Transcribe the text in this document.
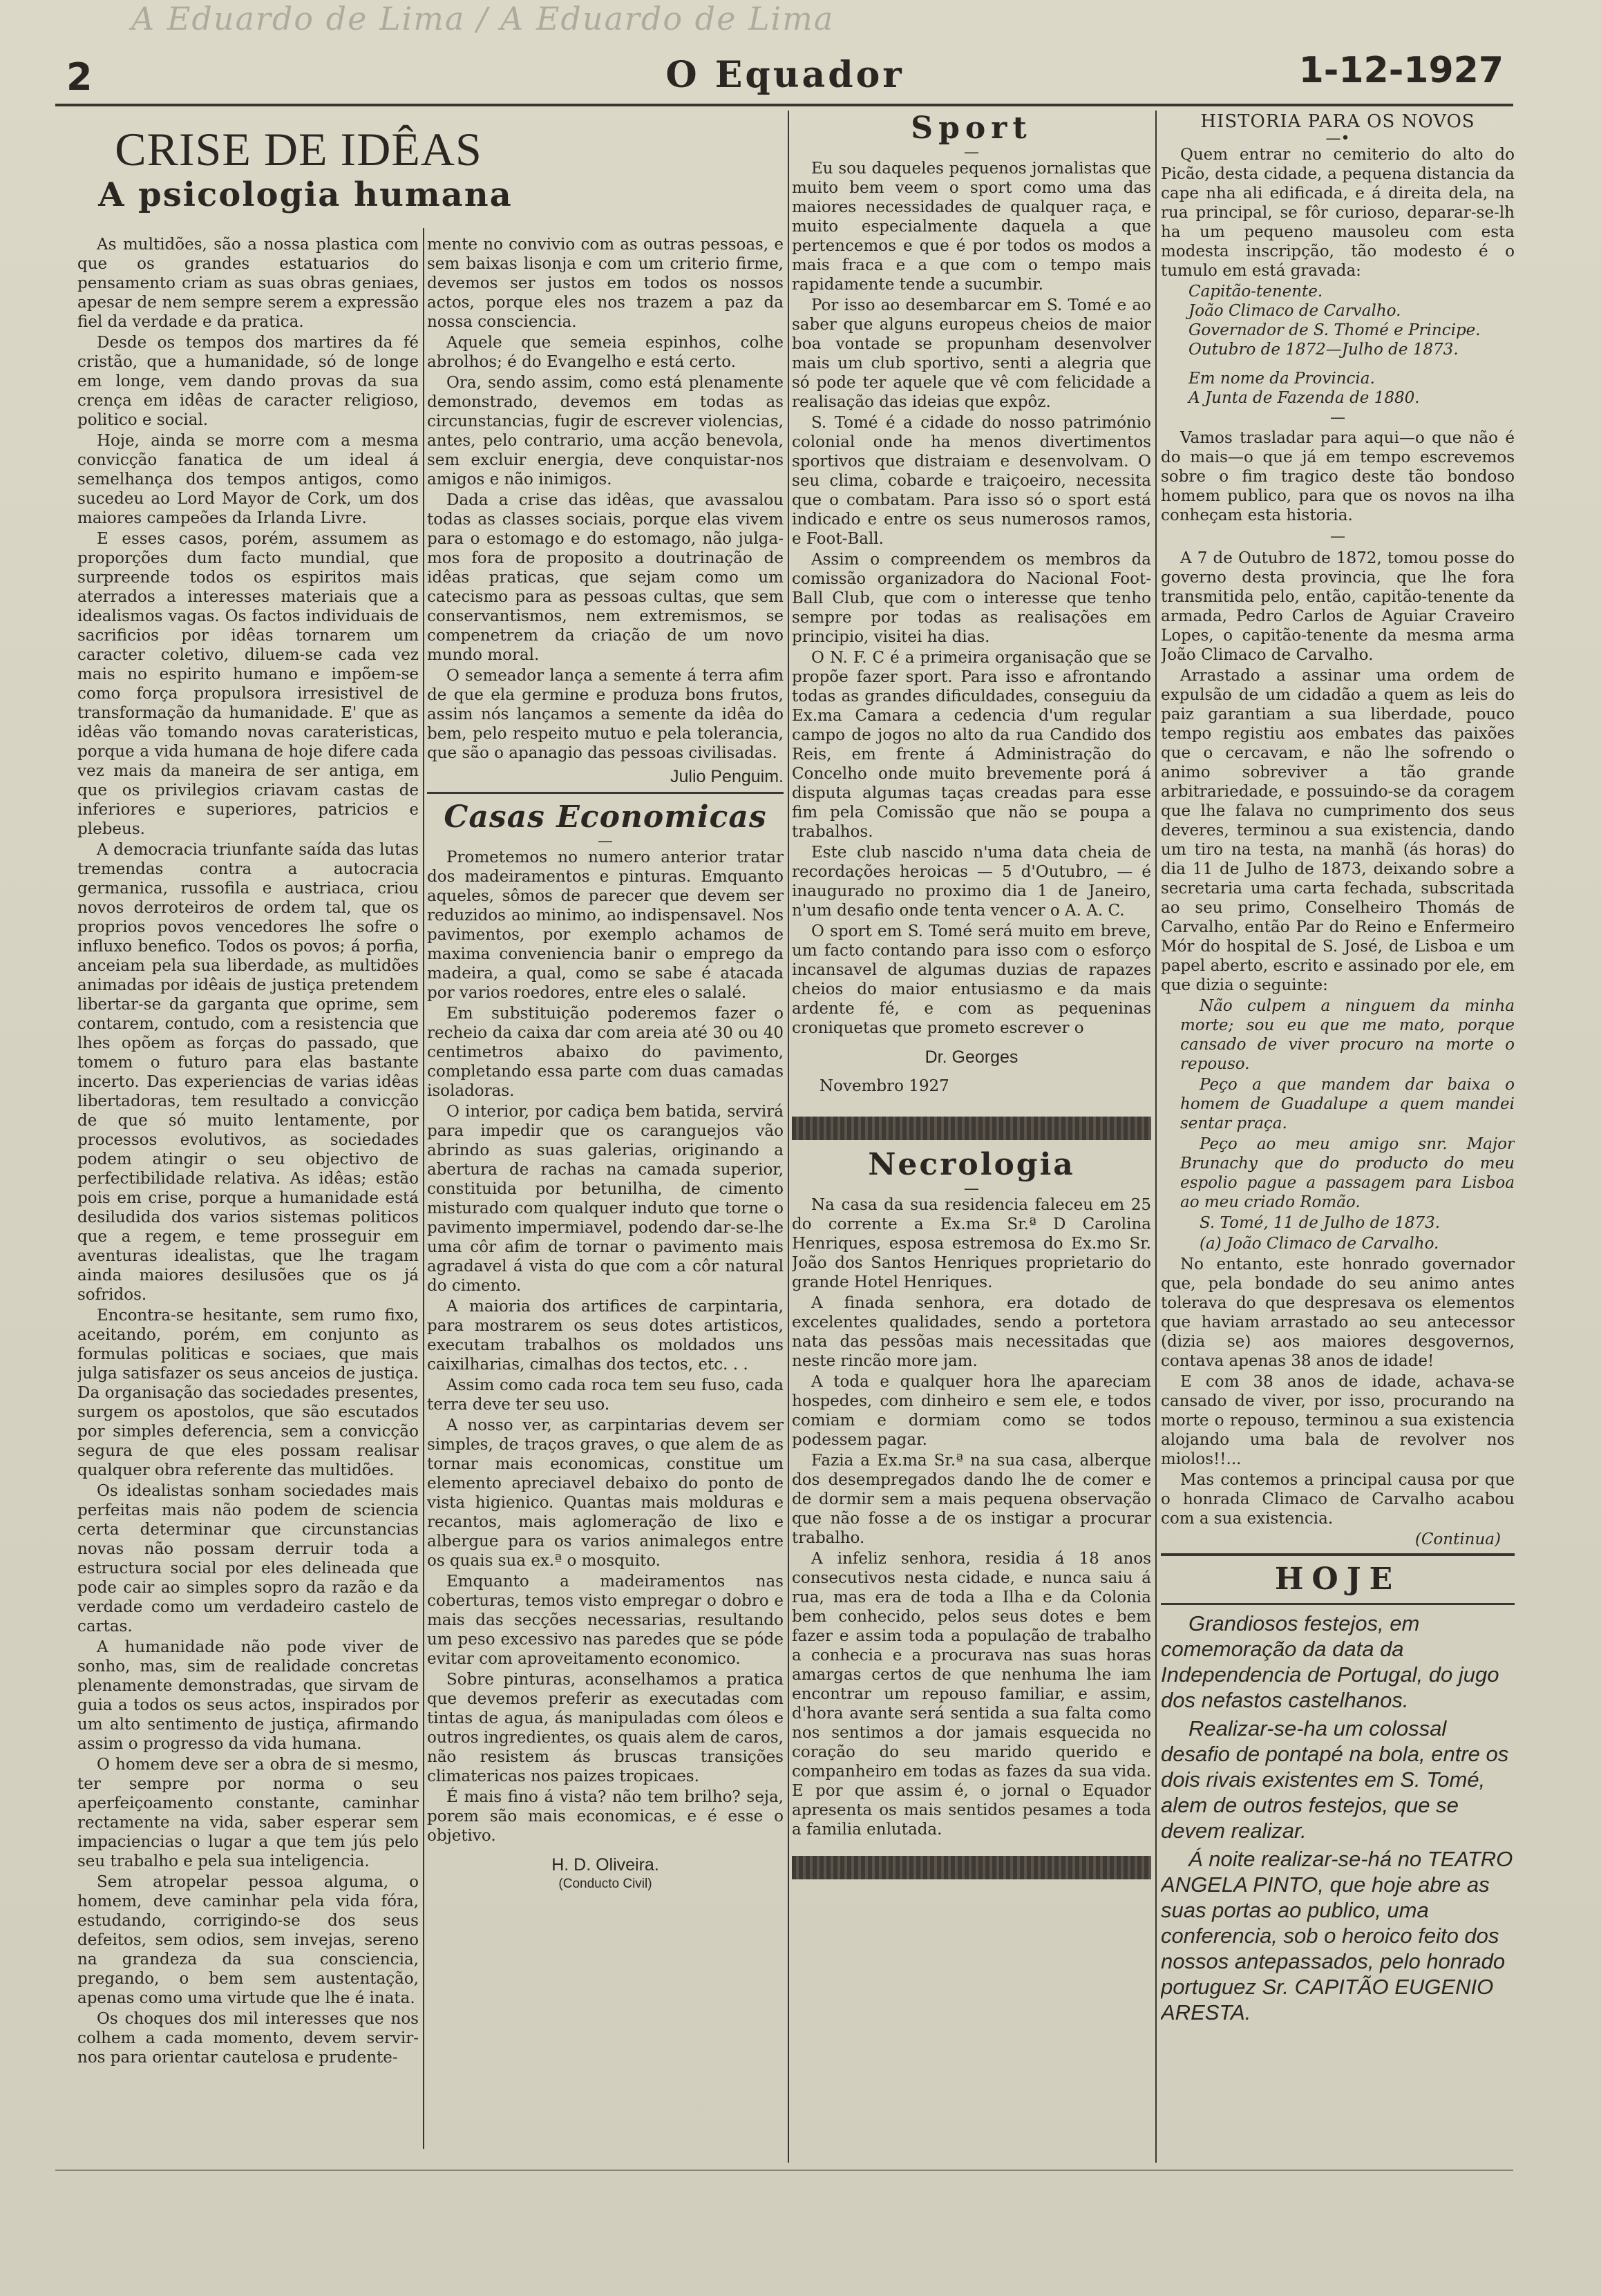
A Eduardo de Lima / A Eduardo de Lima
2	O Equador	1-12-1927
CRISE DE IDÊAS
A psicologia humana

As multidões, são a nossa plastica com que os grandes estatuarios do pensamento criam as suas obras geniaes, apesar de nem sempre serem a expressão fiel da verdade e da pratica.

Desde os tempos dos martires da fé cristão, que a humanidade, só de longe em longe, vem dando provas da sua crença em idêas de caracter religioso, politico e social.

Hoje, ainda se morre com a mesma convicção fanatica de um ideal á semelhança dos tempos antigos, como sucedeu ao Lord Mayor de Cork, um dos maiores campeões da Irlanda Livre.

E esses casos, porém, assumem as proporções dum facto mundial, que surpreende todos os espiritos mais aterrados a interesses materiais que a idealismos vagas. Os factos individuais de sacrificios por idêas tornarem um caracter coletivo, diluem-se cada vez mais no espirito humano e impõem-se como força propulsora irresistivel de transformação da humanidade. E' que as idêas vão tomando novas carateristicas, porque a vida humana de hoje difere cada vez mais da maneira de ser antiga, em que os privilegios criavam castas de inferiores e superiores, patricios e plebeus.

A democracia triunfante saída das lutas tremendas contra a autocracia germanica, russofila e austriaca, criou novos derroteiros de ordem tal, que os proprios povos vencedores lhe sofre o influxo benefico. Todos os povos; á porfia, anceiam pela sua liberdade, as multidões animadas por idêais de justiça pretendem libertar-se da garganta que oprime, sem contarem, contudo, com a resistencia que lhes opõem as forças do passado, que tomem o futuro para elas bastante incerto. Das experiencias de varias idêas libertadoras, tem resultado a convicção de que só muito lentamente, por processos evolutivos, as sociedades podem atingir o seu objectivo de perfectibilidade relativa. As idêas; estão pois em crise, porque a humanidade está desiludida dos varios sistemas politicos que a regem, e teme prosseguir em aventuras idealistas, que lhe tragam ainda maiores desilusões que os já sofridos.

Encontra-se hesitante, sem rumo fixo, aceitando, porém, em conjunto as formulas politicas e sociaes, que mais julga satisfazer os seus anceios de justiça. Da organisação das sociedades presentes, surgem os apostolos, que são escutados por simples deferencia, sem a convicção segura de que eles possam realisar qualquer obra referente das multidões.

Os idealistas sonham sociedades mais perfeitas mais não podem de sciencia certa determinar que circunstancias novas não possam derruir toda a estructura social por eles delineada que pode cair ao simples sopro da razão e da verdade como um verdadeiro castelo de cartas.

A humanidade não pode viver de sonho, mas, sim de realidade concretas plenamente demonstradas, que sirvam de guia a todos os seus actos, inspirados por um alto sentimento de justiça, afirmando assim o progresso da vida humana.

O homem deve ser a obra de si mesmo, ter sempre por norma o seu aperfeiçoamento constante, caminhar rectamente na vida, saber esperar sem impaciencias o lugar a que tem jús pelo seu trabalho e pela sua inteligencia.

Sem atropelar pessoa alguma, o homem, deve caminhar pela vida fóra, estudando, corrigindo-se dos seus defeitos, sem odios, sem invejas, sereno na grandeza da sua consciencia, pregando, o bem sem austentação, apenas como uma virtude que lhe é inata.

Os choques dos mil interesses que nos colhem a cada momento, devem servir-nos para orientar cautelosa e prudente-

mente no convivio com as outras pessoas, e sem baixas lisonja e com um criterio firme, devemos ser justos em todos os nossos actos, porque eles nos trazem a paz da nossa consciencia.

Aquele que semeia espinhos, colhe abrolhos; é do Evangelho e está certo.

Ora, sendo assim, como está plenamente demonstrado, devemos em todas as circunstancias, fugir de escrever violencias, antes, pelo contrario, uma acção benevola, sem excluir energia, deve conquistar-nos amigos e não inimigos.

Dada a crise das idêas, que avassalou todas as classes sociais, porque elas vivem para o estomago e do estomago, não julga-mos fora de proposito a doutrinação de idêas praticas, que sejam como um catecismo para as pessoas cultas, que sem conservantismos, nem extremismos, se compenetrem da criação de um novo mundo moral.

O semeador lança a semente á terra afim de que ela germine e produza bons frutos, assim nós lançamos a semente da idêa do bem, pelo respeito mutuo e pela tolerancia, que são o apanagio das pessoas civilisadas.

Julio Penguim.
Casas Economicas
—

Prometemos no numero anterior tratar dos madeiramentos e pinturas. Emquanto aqueles, sômos de parecer que devem ser reduzidos ao minimo, ao indispensavel. Nos pavimentos, por exemplo achamos de maxima conveniencia banir o emprego da madeira, a qual, como se sabe é atacada por varios roedores, entre eles o salalé.

Em substituição poderemos fazer o recheio da caixa dar com areia até 30 ou 40 centimetros abaixo do pavimento, completando essa parte com duas camadas isoladoras.

O interior, por cadiça bem batida, servirá para impedir que os caranguejos vão abrindo as suas galerias, originando a abertura de rachas na camada superior, constituida por betunilha, de cimento misturado com qualquer induto que torne o pavimento impermiavel, podendo dar-se-lhe uma côr afim de tornar o pavimento mais agradavel á vista do que com a côr natural do cimento.

A maioria dos artifices de carpintaria, para mostrarem os seus dotes artisticos, executam trabalhos os moldados uns caixilharias, cimalhas dos tectos, etc. . .

Assim como cada roca tem seu fuso, cada terra deve ter seu uso.

A nosso ver, as carpintarias devem ser simples, de traços graves, o que alem de as tornar mais economicas, constitue um elemento apreciavel debaixo do ponto de vista higienico. Quantas mais molduras e recantos, mais aglomeração de lixo e albergue para os varios animalegos entre os quais sua ex.ª o mosquito.

Emquanto a madeiramentos nas coberturas, temos visto empregar o dobro e mais das secções necessarias, resultando um peso excessivo nas paredes que se póde evitar com aproveitamento economico.

Sobre pinturas, aconselhamos a pratica que devemos preferir as executadas com tintas de agua, ás manipuladas com óleos e outros ingredientes, os quais alem de caros, não resistem ás bruscas transições climatericas nos paizes tropicaes.

É mais fino á vista? não tem brilho? seja, porem são mais economicas, e é esse o objetivo.

H. D. Oliveira.
(Conducto Civil)
Sport
—

Eu sou daqueles pequenos jornalistas que muito bem veem o sport como uma das maiores necessidades de qualquer raça, e muito especialmente daquela a que pertencemos e que é por todos os modos a mais fraca e a que com o tempo mais rapidamente tende a sucumbir.

Por isso ao desembarcar em S. Tomé e ao saber que alguns europeus cheios de maior boa vontade se propunham desenvolver mais um club sportivo, senti a alegria que só pode ter aquele que vê com felicidade a realisação das ideias que expôz.

S. Tomé é a cidade do nosso património colonial onde ha menos divertimentos sportivos que distraiam e desenvolvam. O seu clima, cobarde e traiçoeiro, necessita que o combatam. Para isso só o sport está indicado e entre os seus numerosos ramos, e Foot-Ball.

Assim o compreendem os membros da comissão organizadora do Nacional Foot-Ball Club, que com o interesse que tenho sempre por todas as realisações em principio, visitei ha dias.

O N. F. C é a primeira organisação que se propõe fazer sport. Para isso e afrontando todas as grandes dificuldades, conseguiu da Ex.ma Camara a cedencia d'um regular campo de jogos no alto da rua Candido dos Reis, em frente á Administração do Concelho onde muito brevemente porá á disputa algumas taças creadas para esse fim pela Comissão que não se poupa a trabalhos.

Este club nascido n'uma data cheia de recordações heroicas — 5 d'Outubro, — é inaugurado no proximo dia 1 de Janeiro, n'um desafio onde tenta vencer o A. A. C.

O sport em S. Tomé será muito em breve, um facto contando para isso com o esforço incansavel de algumas duzias de rapazes cheios do maior entusiasmo e da mais ardente fé, e com as pequeninas croniquetas que prometo escrever o

Dr. Georges
Novembro 1927
Necrologia
—

Na casa da sua residencia faleceu em 25 do corrente a Ex.ma Sr.ª D Carolina Henriques, esposa estremosa do Ex.mo Sr. João dos Santos Henriques proprietario do grande Hotel Henriques.

A finada senhora, era dotado de excelentes qualidades, sendo a portetora nata das pessõas mais necessitadas que neste rincão more jam.

A toda e qualquer hora lhe apareciam hospedes, com dinheiro e sem ele, e todos comiam e dormiam como se todos podessem pagar.

Fazia a Ex.ma Sr.ª na sua casa, alberque dos desempregados dando lhe de comer e de dormir sem a mais pequena observação que não fosse a de os instigar a procurar trabalho.

A infeliz senhora, residia á 18 anos consecutivos nesta cidade, e nunca saiu á rua, mas era de toda a Ilha e da Colonia bem conhecido, pelos seus dotes e bem fazer e assim toda a população de trabalho a conhecia e a procurava nas suas horas amargas certos de que nenhuma lhe iam encontrar um repouso familiar, e assim, d'hora avante será sentida a sua falta como nos sentimos a dor jamais esquecida no coração do seu marido querido e companheiro em todas as fazes da sua vida. E por que assim é, o jornal o Equador apresenta os mais sentidos pesames a toda a familia enlutada.

HISTORIA PARA OS NOVOS
—•

Quem entrar no cemiterio do alto do Picão, desta cidade, a pequena distancia da cape nha ali edificada, e á direita dela, na rua principal, se fôr curioso, deparar-se-lh ha um pequeno mausoleu com esta modesta inscripção, tão modesto é o tumulo em está gravada:

Capitão-tenente.
João Climaco de Carvalho.
Governador de S. Thomé e Principe.
Outubro de 1872—Julho de 1873.
Em nome da Provincia.
A Junta de Fazenda de 1880.
—

Vamos trasladar para aqui—o que não é do mais—o que já em tempo escrevemos sobre o fim tragico deste tão bondoso homem publico, para que os novos na ilha conheçam esta historia.

—

A 7 de Outubro de 1872, tomou posse do governo desta provincia, que lhe fora transmitida pelo, então, capitão-tenente da armada, Pedro Carlos de Aguiar Craveiro Lopes, o capitão-tenente da mesma arma João Climaco de Carvalho.

Arrastado a assinar uma ordem de expulsão de um cidadão a quem as leis do paiz garantiam a sua liberdade, pouco tempo registiu aos embates das paixões que o cercavam, e não lhe sofrendo o animo sobreviver a tão grande arbitrariedade, e possuindo-se da coragem que lhe falava no cumprimento dos seus deveres, terminou a sua existencia, dando um tiro na testa, na manhã (ás horas) do dia 11 de Julho de 1873, deixando sobre a secretaria uma carta fechada, subscritada ao seu primo, Conselheiro Thomás de Carvalho, então Par do Reino e Enfermeiro Mór do hospital de S. José, de Lisboa e um papel aberto, escrito e assinado por ele, em que dizia o seguinte:

Não culpem a ninguem da minha morte; sou eu que me mato, porque cansado de viver procuro na morte o repouso.

Peço a que mandem dar baixa o homem de Guadalupe a quem mandei sentar praça.

Peço ao meu amigo snr. Major Brunachy que do producto do meu espolio pague a passagem para Lisboa ao meu criado Romão.

S. Tomé, 11 de Julho de 1873.

(a) João Climaco de Carvalho.

No entanto, este honrado governador que, pela bondade do seu animo antes tolerava do que despresava os elementos que haviam arrastado ao seu antecessor (dizia se) aos maiores desgovernos, contava apenas 38 anos de idade!

E com 38 anos de idade, achava-se cansado de viver, por isso, procurando na morte o repouso, terminou a sua existencia alojando uma bala de revolver nos miolos!!...

Mas contemos a principal causa por que o honrada Climaco de Carvalho acabou com a sua existencia.

(Continua)
HOJE

Grandiosos festejos, em comemoração da data da Independencia de Portugal, do jugo dos nefastos castelhanos.

Realizar-se-ha um colossal desafio de pontapé na bola, entre os dois rivais existentes em S. Tomé, alem de outros festejos, que se devem realizar.

Á noite realizar-se-há no TEATRO ANGELA PINTO, que hoje abre as suas portas ao publico, uma conferencia, sob o heroico feito dos nossos antepassados, pelo honrado portuguez Sr. CAPITÃO EUGENIO ARESTA.
